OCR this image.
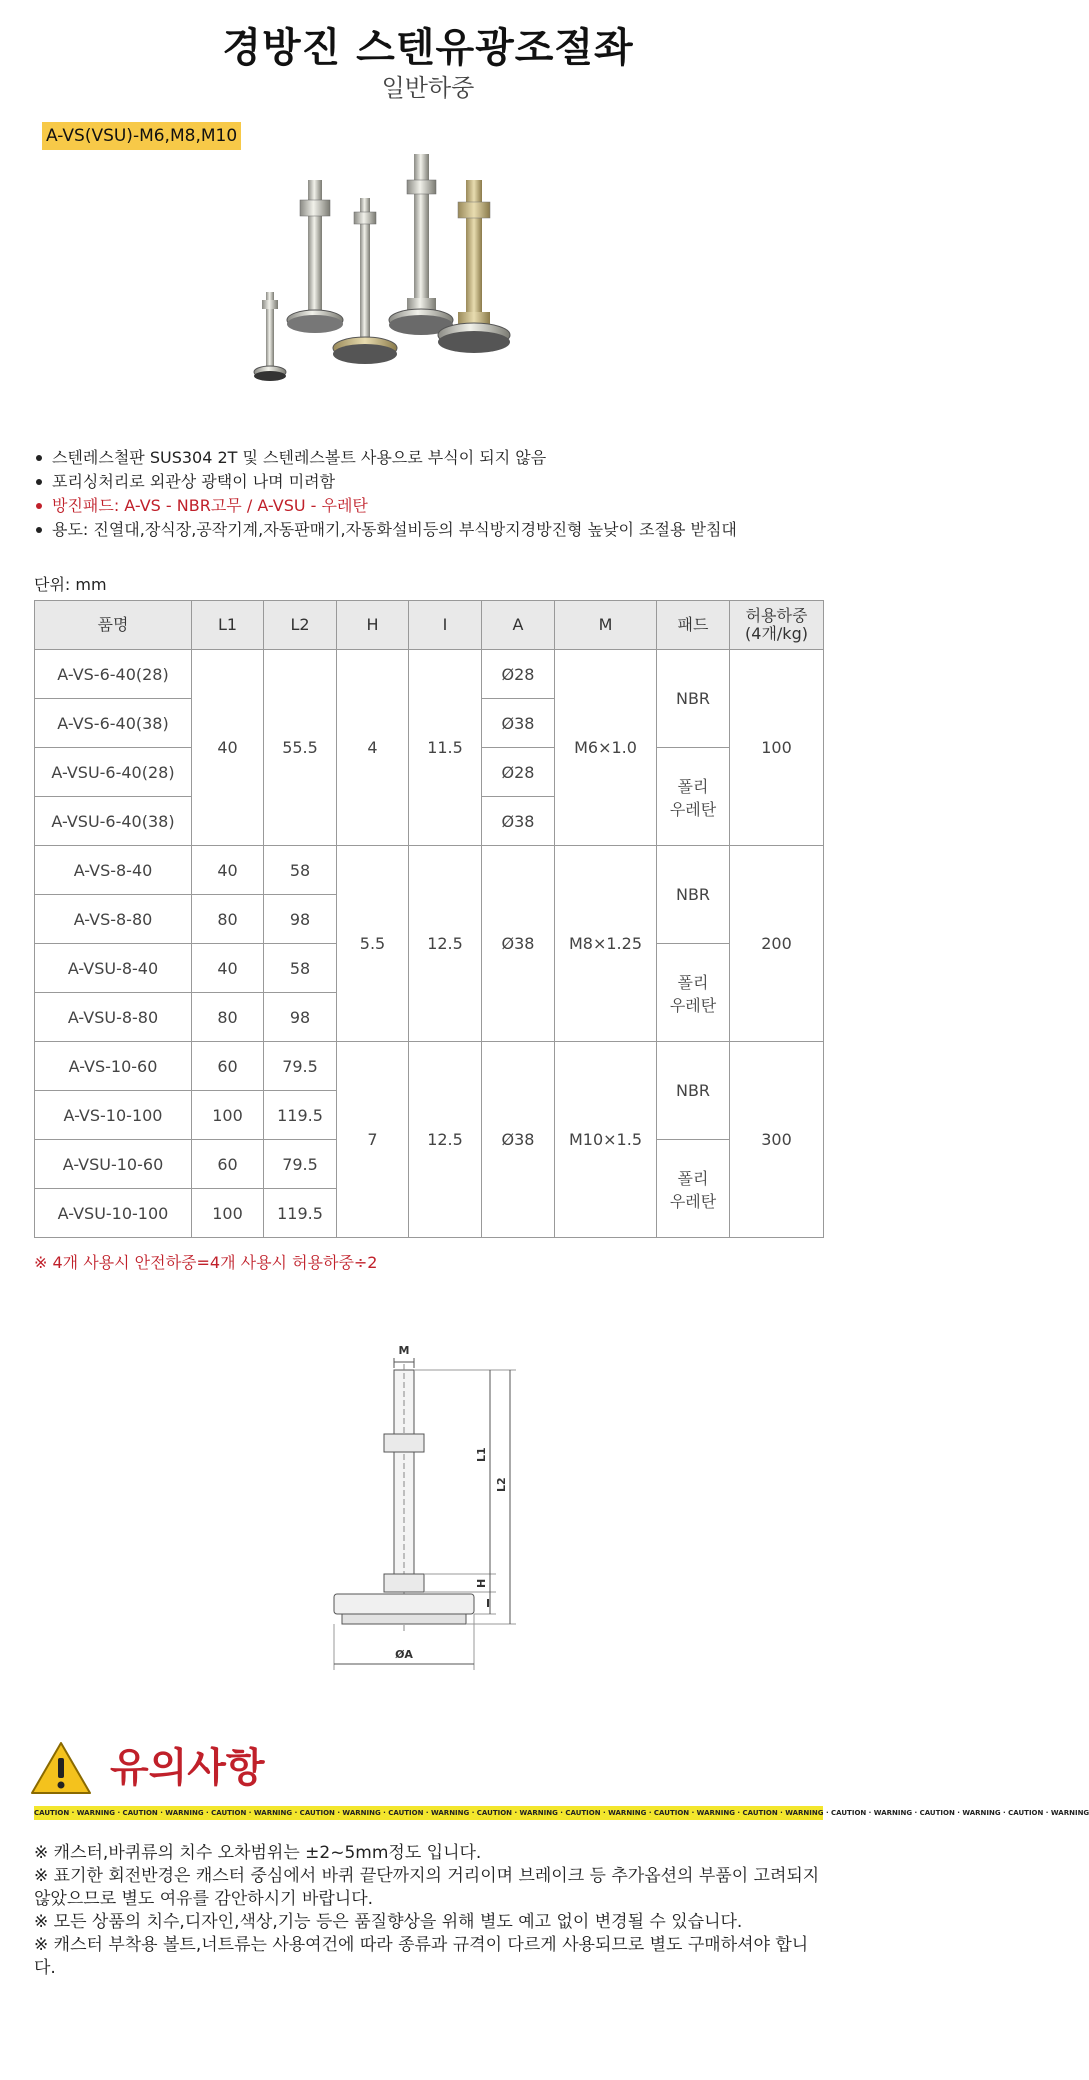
경방진 스텐유광조절좌
일반하중
A-VS(VSU)-M6,M8,M10
스텐레스철판 SUS304 2T 및 스텐레스볼트 사용으로 부식이 되지 않음
포리싱처리로 외관상 광택이 나며 미려함
방진패드: A-VS - NBR고무 / A-VSU - 우레탄
용도: 진열대,장식장,공작기계,자동판매기,자동화설비등의 부식방지경방진형 높낮이 조절용 받침대
단위: mm
품명	L1	L2	H	I	A	M	패드	허용하중
(4개/kg)
A-VS-6-40(28)	40	55.5	4	11.5	Ø28	M6×1.0	NBR	100
A-VS-6-40(38)					Ø38			
A-VSU-6-40(28)					Ø28		폴리
우레탄	
A-VSU-6-40(38)					Ø38			
A-VS-8-40	40	58	5.5	12.5	Ø38	M8×1.25	NBR	200
A-VS-8-80	80	98						
A-VSU-8-40	40	58					폴리
우레탄	
A-VSU-8-80	80	98						
A-VS-10-60	60	79.5	7	12.5	Ø38	M10×1.5	NBR	300
A-VS-10-100	100	119.5						
A-VSU-10-60	60	79.5					폴리
우레탄	
A-VSU-10-100	100	119.5						
※ 4개 사용시 안전하중=4개 사용시 허용하중÷2
M
L1
L2
H
I
ØA
유의사항
CAUTION · WARNING · CAUTION · WARNING · CAUTION · WARNING · CAUTION · WARNING · CAUTION · WARNING · CAUTION · WARNING · CAUTION · WARNING · CAUTION · WARNING · CAUTION · WARNING · CAUTION · WARNING · CAUTION · WARNING · CAUTION · WARNING
※ 캐스터,바퀴류의 치수 오차범위는 ±2~5mm정도 입니다.
※ 표기한 회전반경은 캐스터 중심에서 바퀴 끝단까지의 거리이며 브레이크 등 추가옵션의 부품이 고려되지 않았으므로 별도 여유를 감안하시기 바랍니다.
※ 모든 상품의 치수,디자인,색상,기능 등은 품질향상을 위해 별도 예고 없이 변경될 수 있습니다.
※ 캐스터 부착용 볼트,너트류는 사용여건에 따라 종류과 규격이 다르게 사용되므로 별도 구매하셔야 합니다.
